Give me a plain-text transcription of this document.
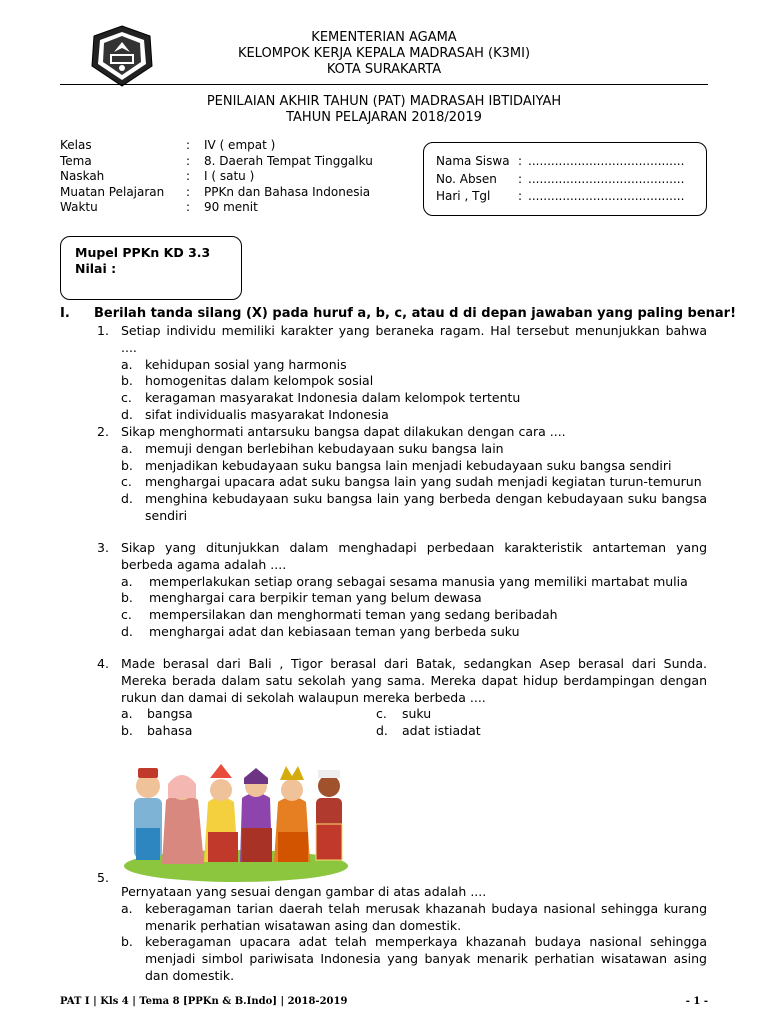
KEMENTERIAN AGAMA
KELOMPOK KERJA KEPALA MADRASAH (K3MI)
KOTA SURAKARTA
PENILAIAN AKHIR TAHUN (PAT) MADRASAH IBTIDAIYAH
TAHUN PELAJARAN 2018/2019
Kelas	:	IV ( empat )
Tema	:	8. Daerah Tempat Tinggalku
Naskah	:	I ( satu )
Muatan Pelajaran	:	PPKn dan Bahasa Indonesia
Waktu	:	90 menit
Nama Siswa : .........................................
No. Absen	: .........................................
Hari , Tgl	: .........................................
Mupel PPKn KD 3.3
Nilai :
I. Berilah tanda silang (X) pada huruf a, b, c, atau d di depan jawaban yang paling benar!
1. Setiap individu memiliki karakter yang beraneka ragam. Hal tersebut menunjukkan bahwa ....
a. kehidupan sosial yang harmonis
b. homogenitas dalam kelompok sosial
c. keragaman masyarakat Indonesia dalam kelompok tertentu
d. sifat individualis masyarakat Indonesia
2. Sikap menghormati antarsuku bangsa dapat dilakukan dengan cara ....
a. memuji dengan berlebihan kebudayaan suku bangsa lain
b. menjadikan kebudayaan suku bangsa lain menjadi kebudayaan suku bangsa sendiri
c. menghargai upacara adat suku bangsa lain yang sudah menjadi kegiatan turun-temurun
d. menghina kebudayaan suku bangsa lain yang berbeda dengan kebudayaan suku bangsa sendiri
3. Sikap yang ditunjukkan dalam menghadapi perbedaan karakteristik antarteman yang berbeda agama adalah ....
a. memperlakukan setiap orang sebagai sesama manusia yang memiliki martabat mulia
b. menghargai cara berpikir teman yang belum dewasa
c. mempersilakan dan menghormati teman yang sedang beribadah
d. menghargai adat dan kebiasaan teman yang berbeda suku
4. Made berasal dari Bali , Tigor berasal dari Batak, sedangkan Asep berasal dari Sunda. Mereka berada dalam satu sekolah yang sama. Mereka dapat hidup berdampingan dengan rukun dan damai di sekolah walaupun mereka berbeda ....
a.	bangsa	c.	suku
b.	bahasa	d.	adat istiadat
5.
Pernyataan yang sesuai dengan gambar di atas adalah ....
a. keberagaman tarian daerah telah merusak khazanah budaya nasional sehingga kurang menarik perhatian wisatawan asing dan domestik.
b. keberagaman upacara adat telah memperkaya khazanah budaya nasional sehingga menjadi simbol pariwisata Indonesia yang banyak menarik perhatian wisatawan asing dan domestik.
PAT I | Kls 4 | Tema 8 [PPKn & B.Indo] | 2018-2019	- 1 -
